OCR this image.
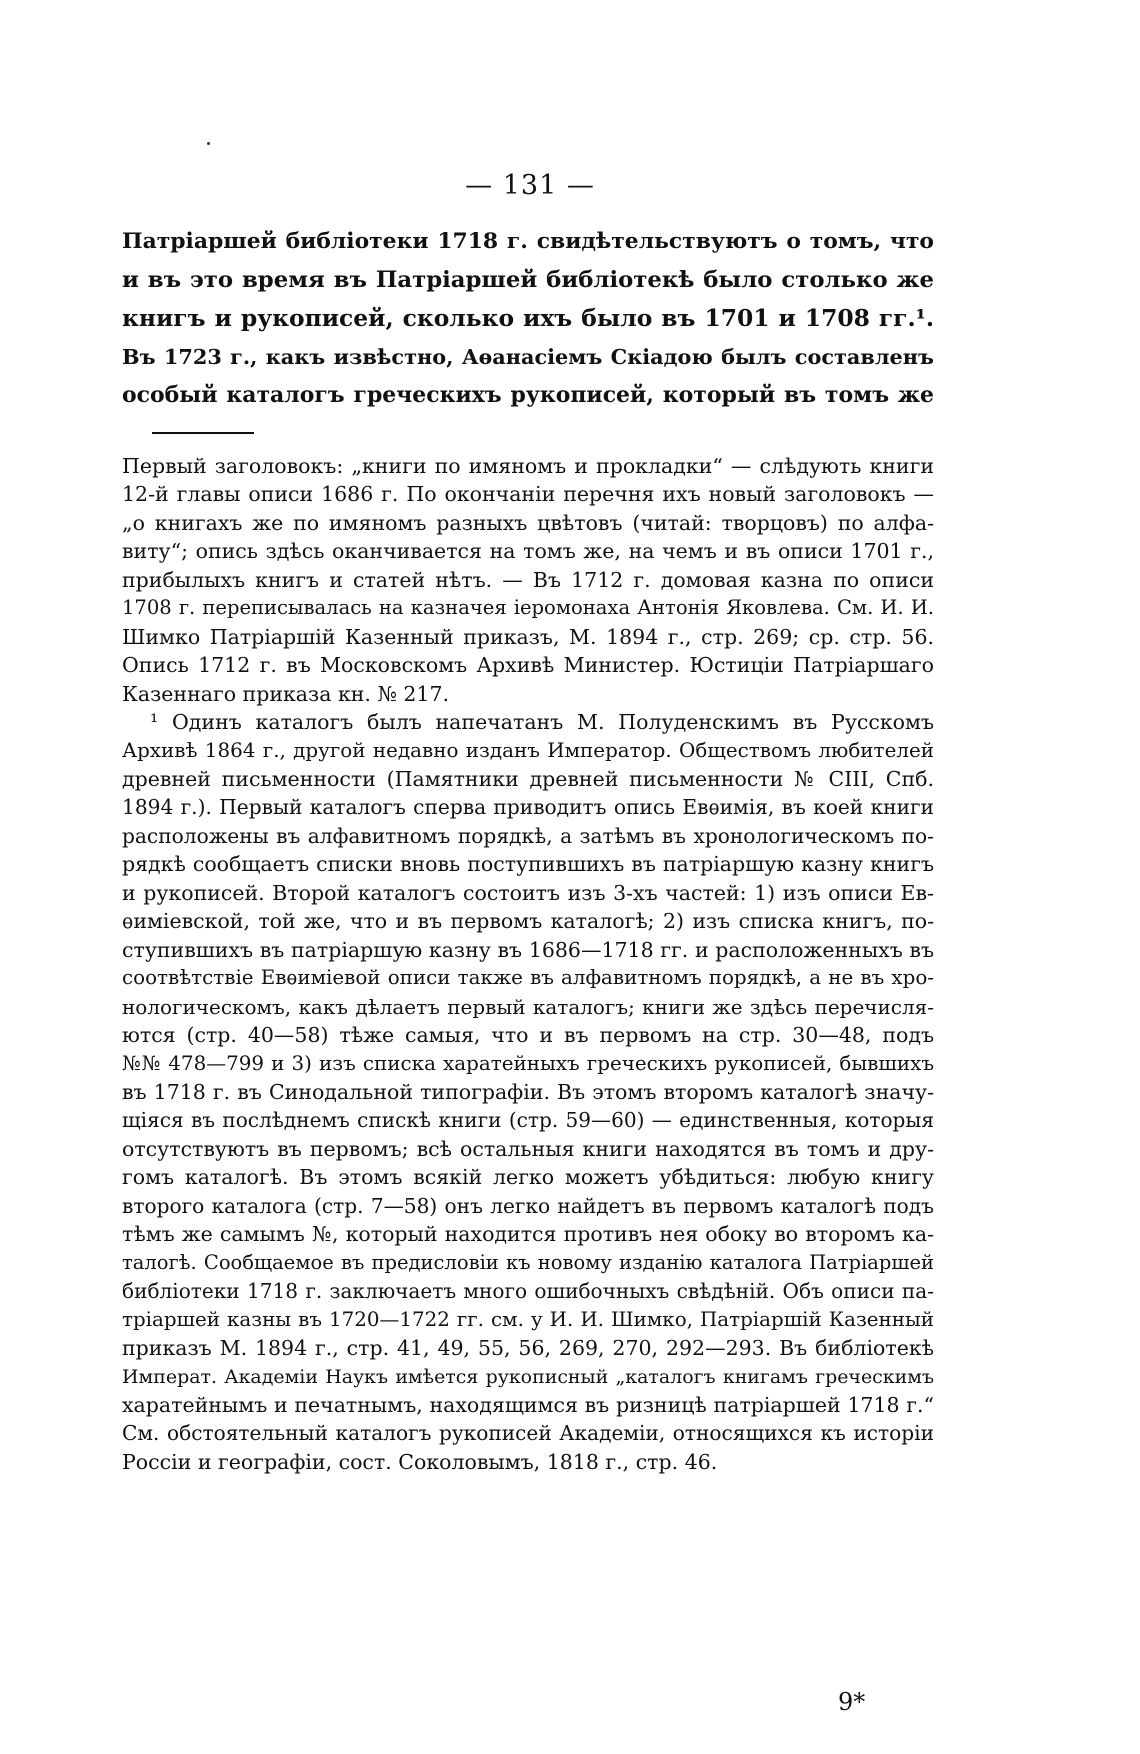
— 131 —
Патріаршей библіотеки 1718 г. свидѣтельствуютъ о томъ, что
и въ это время въ Патріаршей библіотекѣ было столько же
книгъ и рукописей, сколько ихъ было въ 1701 и 1708 гг.¹.
Въ 1723 г., какъ извѣстно, Аѳанасіемъ Скіадою былъ составленъ
особый каталогъ греческихъ рукописей, который въ томъ же
Первый заголовокъ: „книги по имяномъ и прокладки“ — слѣдують книги
12-й главы описи 1686 г. По окончаніи перечня ихъ новый заголовокъ —
„о книгахъ же по имяномъ разныхъ цвѣтовъ (читай: творцовъ) по алфа-
виту“; опись здѣсь оканчивается на томъ же, на чемъ и въ описи 1701 г.,
прибылыхъ книгъ и статей нѣтъ. — Въ 1712 г. домовая казна по описи
1708 г. переписывалась на казначея іеромонаха Антонія Яковлева. См. И. И.
Шимко Патріаршій Казенный приказъ, М. 1894 г., стр. 269; ср. стр. 56.
Опись 1712 г. въ Московскомъ Архивѣ Министер. Юстиціи Патріаршаго
Казеннаго приказа кн. № 217.
¹ Одинъ каталогъ былъ напечатанъ М. Полуденскимъ въ Русскомъ
Архивѣ 1864 г., другой недавно изданъ Император. Обществомъ любителей
древней письменности (Памятники древней письменности № CIII, Спб.
1894 г.). Первый каталогъ сперва приводитъ опись Евѳимія, въ коей книги
расположены въ алфавитномъ порядкѣ, а затѣмъ въ хронологическомъ по-
рядкѣ сообщаетъ списки вновь поступившихъ въ патріаршую казну книгъ
и рукописей. Второй каталогъ состоитъ изъ 3-хъ частей: 1) изъ описи Ев-
ѳиміевской, той же, что и въ первомъ каталогѣ; 2) изъ списка книгъ, по-
ступившихъ въ патріаршую казну въ 1686—1718 гг. и расположенныхъ въ
соотвѣтствіе Евѳиміевой описи также въ алфавитномъ порядкѣ, а не въ хро-
нологическомъ, какъ дѣлаетъ первый каталогъ; книги же здѣсь перечисля-
ются (стр. 40—58) тѣже самыя, что и въ первомъ на стр. 30—48, подъ
№№ 478—799 и 3) изъ списка харатейныхъ греческихъ рукописей, бывшихъ
въ 1718 г. въ Синодальной типографіи. Въ этомъ второмъ каталогѣ значу-
щіяся въ послѣднемъ спискѣ книги (стр. 59—60) — единственныя, которыя
отсутствуютъ въ первомъ; всѣ остальныя книги находятся въ томъ и дру-
гомъ каталогѣ. Въ этомъ всякій легко можетъ убѣдиться: любую книгу
второго каталога (стр. 7—58) онъ легко найдетъ въ первомъ каталогѣ подъ
тѣмъ же самымъ №, который находится противъ нея обоку во второмъ ка-
талогѣ. Сообщаемое въ предисловіи къ новому изданію каталога Патріаршей
библіотеки 1718 г. заключаетъ много ошибочныхъ свѣдѣній. Объ описи па-
тріаршей казны въ 1720—1722 гг. см. у И. И. Шимко, Патріаршій Казенный
приказъ М. 1894 г., стр. 41, 49, 55, 56, 269, 270, 292—293. Въ библіотекѣ
Императ. Академіи Наукъ имѣется рукописный „каталогъ книгамъ греческимъ
харатейнымъ и печатнымъ, находящимся въ ризницѣ патріаршей 1718 г.“
См. обстоятельный каталогъ рукописей Академіи, относящихся къ исторіи
Россіи и географіи, сост. Соколовымъ, 1818 г., стр. 46.
9*
